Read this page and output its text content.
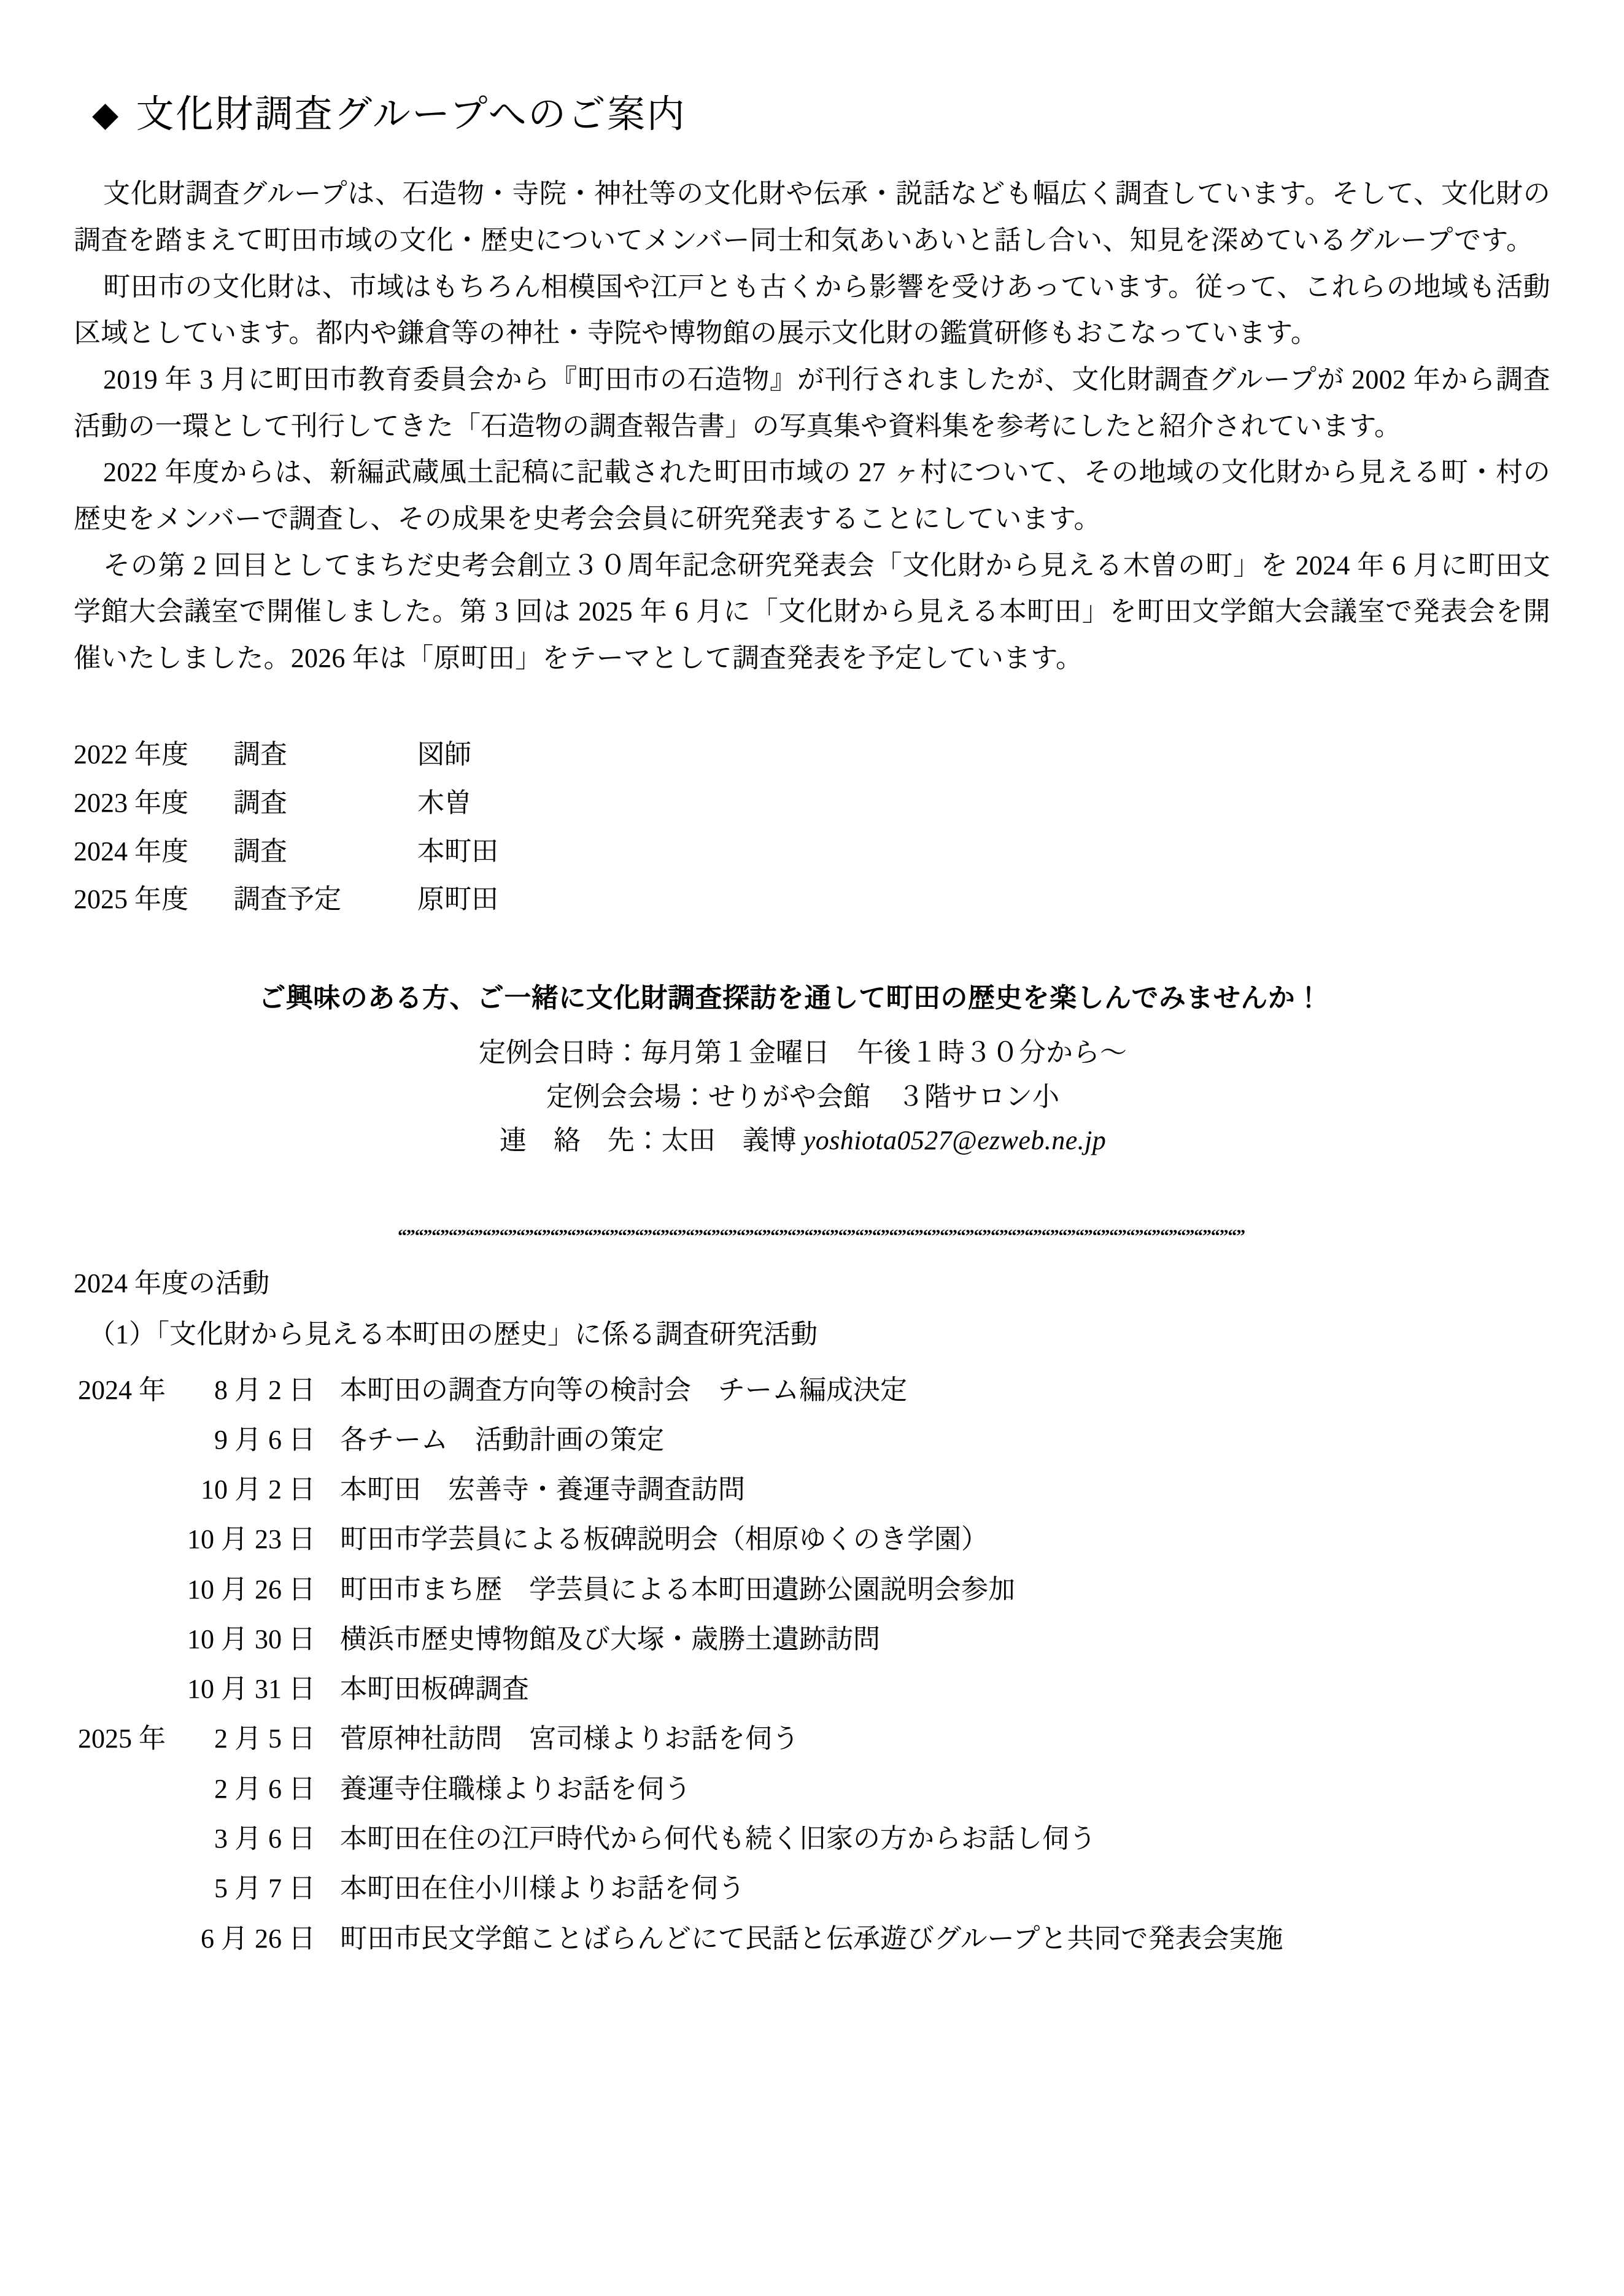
◆ 文化財調査グループへのご案内

文化財調査グループは、石造物・寺院・神社等の文化財や伝承・説話なども幅広く調査しています。そして、文化財の調査を踏まえて町田市域の文化・歴史についてメンバー同士和気あいあいと話し合い、知見を深めているグループです。

町田市の文化財は、市域はもちろん相模国や江戸とも古くから影響を受けあっています。従って、これらの地域も活動区域としています。都内や鎌倉等の神社・寺院や博物館の展示文化財の鑑賞研修もおこなっています。

2019 年 3 月に町田市教育委員会から『町田市の石造物』が刊行されましたが、文化財調査グループが 2002 年から調査活動の一環として刊行してきた「石造物の調査報告書」の写真集や資料集を参考にしたと紹介されています。

2022 年度からは、新編武蔵風土記稿に記載された町田市域の 27 ヶ村について、その地域の文化財から見える町・村の歴史をメンバーで調査し、その成果を史考会会員に研究発表することにしています。

その第 2 回目としてまちだ史考会創立３０周年記念研究発表会「文化財から見える木曽の町」を 2024 年 6 月に町田文学館大会議室で開催しました。第 3 回は 2025 年 6 月に「文化財から見える本町田」を町田文学館大会議室で発表会を開催いたしました。2026 年は「原町田」をテーマとして調査発表を予定しています。

2022 年度	調査	図師
2023 年度	調査	木曽
2024 年度	調査	本町田
2025 年度	調査予定	原町田

ご興味のある方、ご一緒に文化財調査探訪を通して町田の歴史を楽しんでみませんか！

定例会日時：毎月第１金曜日　午後１時３０分から～
定例会会場：せりがや会館　３階サロン小
連　絡　先：太田　義博 yoshiota0527@ezweb.ne.jp
“”“”“”“”“”“”“”“”“”“”“”“”“”“”“”“”“”“”“”“”“”“”“”“”“”“”“”“”“”“”“”“”“”“”“”“”“”“”“”“”“”“”“”“”“”“”“”“”“”“”

2024 年度の活動

（1）「文化財から見える本町田の歴史」に係る調査研究活動

2024 年	8 月 2 日 本町田の調査方向等の検討会　チーム編成決定
9 月 6 日 各チーム　活動計画の策定
10 月 2 日 本町田　宏善寺・養運寺調査訪問
10 月 23 日 町田市学芸員による板碑説明会（相原ゆくのき学園）
10 月 26 日 町田市まち歴　学芸員による本町田遺跡公園説明会参加
10 月 30 日 横浜市歴史博物館及び大塚・歳勝土遺跡訪問
10 月 31 日 本町田板碑調査
2025 年	2 月 5 日 菅原神社訪問　宮司様よりお話を伺う
2 月 6 日 養運寺住職様よりお話を伺う
3 月 6 日 本町田在住の江戸時代から何代も続く旧家の方からお話し伺う
5 月 7 日 本町田在住小川様よりお話を伺う
6 月 26 日 町田市民文学館ことばらんどにて民話と伝承遊びグループと共同で発表会実施
